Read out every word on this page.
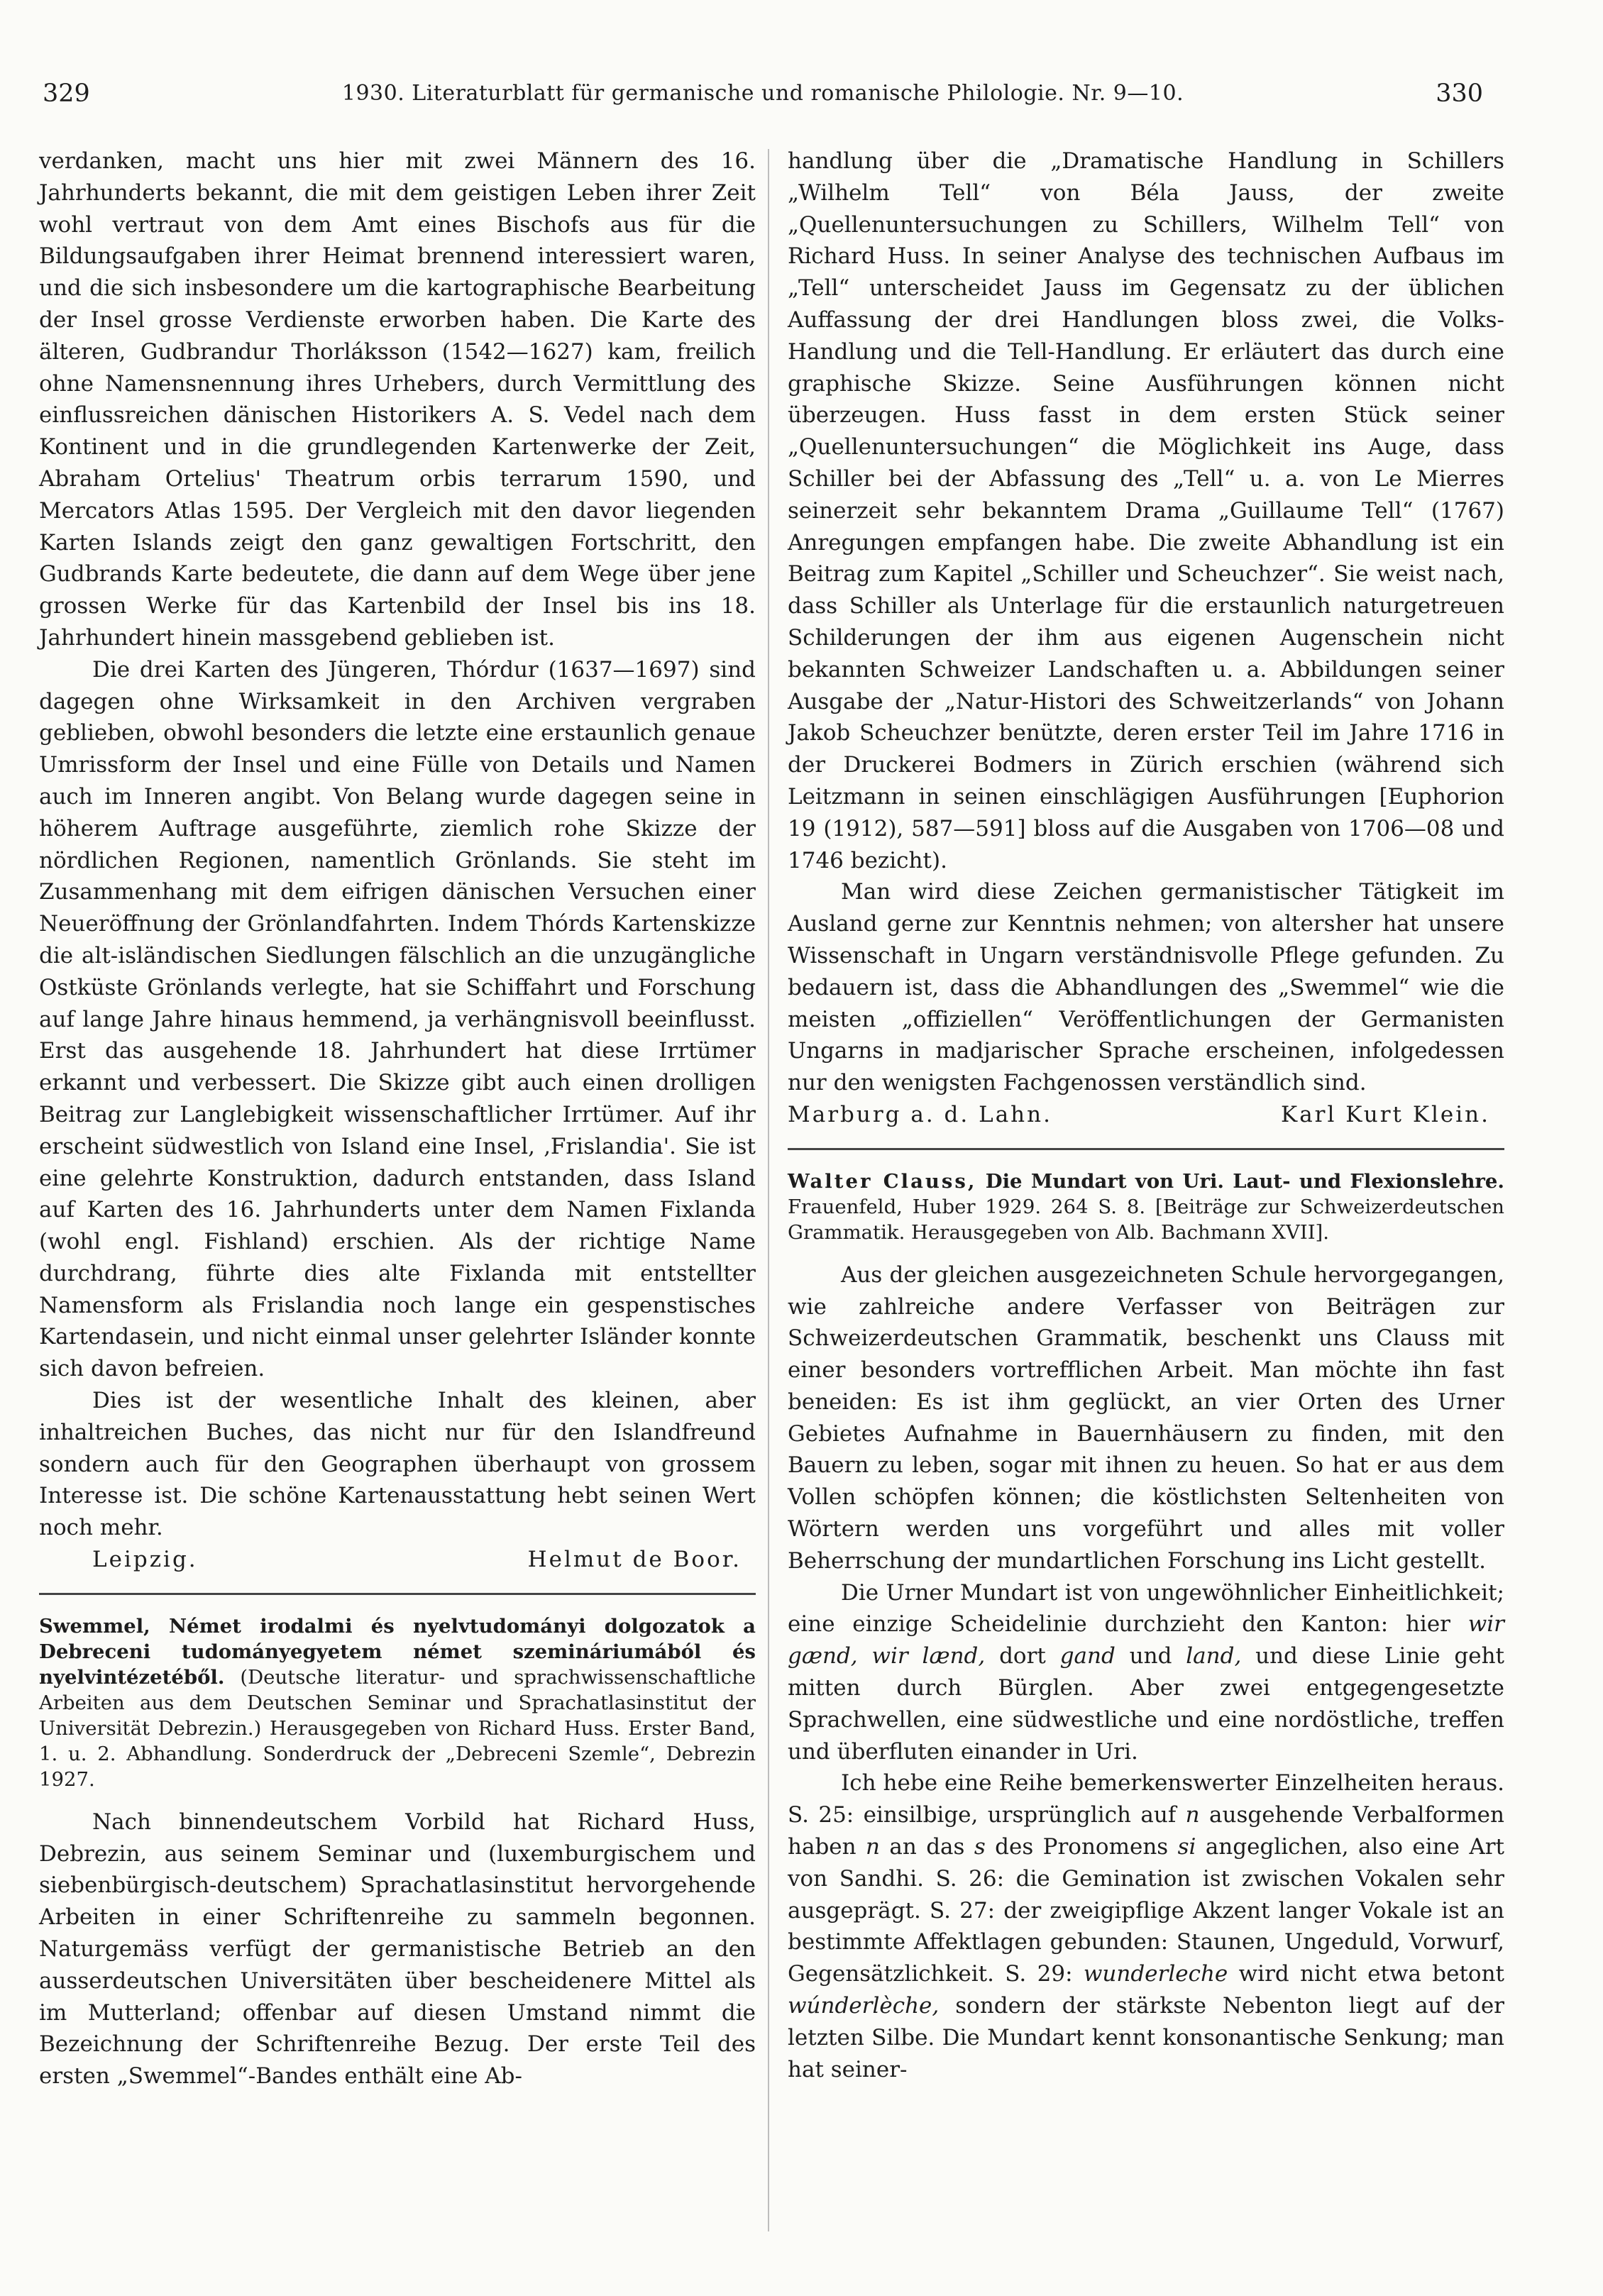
329	1930. Literaturblatt für germanische und romanische Philologie. Nr. 9—10.	330

verdanken, macht uns hier mit zwei Männern des 16. Jahrhunderts bekannt, die mit dem geistigen Leben ihrer Zeit wohl vertraut von dem Amt eines Bischofs aus für die Bildungsaufgaben ihrer Heimat brennend interessiert waren, und die sich insbesondere um die kartographische Bearbeitung der Insel grosse Verdienste erworben haben. Die Karte des älteren, Gudbrandur Thorláksson (1542—1627) kam, freilich ohne Namensnennung ihres Urhebers, durch Vermittlung des einflussreichen dänischen Historikers A. S. Vedel nach dem Kontinent und in die grundlegenden Kartenwerke der Zeit, Abraham Ortelius' Theatrum orbis terrarum 1590, und Mercators Atlas 1595. Der Vergleich mit den davor liegenden Karten Islands zeigt den ganz gewaltigen Fortschritt, den Gudbrands Karte bedeutete, die dann auf dem Wege über jene grossen Werke für das Kartenbild der Insel bis ins 18. Jahrhundert hinein massgebend geblieben ist.

Die drei Karten des Jüngeren, Thórdur (1637—1697) sind dagegen ohne Wirksamkeit in den Archiven vergraben geblieben, obwohl besonders die letzte eine erstaunlich genaue Umrissform der Insel und eine Fülle von Details und Namen auch im Inneren angibt. Von Belang wurde dagegen seine in höherem Auftrage ausgeführte, ziemlich rohe Skizze der nördlichen Regionen, namentlich Grönlands. Sie steht im Zusammenhang mit dem eifrigen dänischen Versuchen einer Neueröffnung der Grönlandfahrten. Indem Thórds Kartenskizze die alt-isländischen Siedlungen fälschlich an die unzugängliche Ostküste Grönlands verlegte, hat sie Schiffahrt und Forschung auf lange Jahre hinaus hemmend, ja verhängnisvoll beeinflusst. Erst das ausgehende 18. Jahrhundert hat diese Irrtümer erkannt und verbessert. Die Skizze gibt auch einen drolligen Beitrag zur Langlebigkeit wissenschaftlicher Irrtümer. Auf ihr erscheint südwestlich von Island eine Insel, ‚Frislandia'. Sie ist eine gelehrte Konstruktion, dadurch entstanden, dass Island auf Karten des 16. Jahrhunderts unter dem Namen Fixlanda (wohl engl. Fishland) erschien. Als der richtige Name durchdrang, führte dies alte Fixlanda mit entstellter Namensform als Frislandia noch lange ein gespenstisches Kartendasein, und nicht einmal unser gelehrter Isländer konnte sich davon befreien.

Dies ist der wesentliche Inhalt des kleinen, aber inhaltreichen Buches, das nicht nur für den Islandfreund sondern auch für den Geographen überhaupt von grossem Interesse ist. Die schöne Kartenausstattung hebt seinen Wert noch mehr.

Leipzig.	Helmut de Boor.
Swemmel, Német irodalmi és nyelvtudományi dolgozatok a Debreceni tudományegyetem német szemináriumából és nyelvintézetéből. (Deutsche literatur- und sprachwissenschaftliche Arbeiten aus dem Deutschen Seminar und Sprachatlasinstitut der Universität Debrezin.) Herausgegeben von Richard Huss. Erster Band, 1. u. 2. Abhandlung. Sonderdruck der „Debreceni Szemle“, Debrezin 1927.

Nach binnendeutschem Vorbild hat Richard Huss, Debrezin, aus seinem Seminar und (luxemburgischem und siebenbürgisch-deutschem) Sprachatlasinstitut hervorgehende Arbeiten in einer Schriftenreihe zu sammeln begonnen. Naturgemäss verfügt der germanistische Betrieb an den ausserdeutschen Universitäten über bescheidenere Mittel als im Mutterland; offenbar auf diesen Umstand nimmt die Bezeichnung der Schriftenreihe Bezug. Der erste Teil des ersten „Swemmel“-Bandes enthält eine Ab-

handlung über die „Dramatische Handlung in Schillers „Wilhelm Tell“ von Béla Jauss, der zweite „Quellenuntersuchungen zu Schillers, Wilhelm Tell“ von Richard Huss. In seiner Analyse des technischen Aufbaus im „Tell“ unterscheidet Jauss im Gegensatz zu der üblichen Auffassung der drei Handlungen bloss zwei, die Volks-Handlung und die Tell-Handlung. Er erläutert das durch eine graphische Skizze. Seine Ausführungen können nicht überzeugen. Huss fasst in dem ersten Stück seiner „Quellenuntersuchungen“ die Möglichkeit ins Auge, dass Schiller bei der Abfassung des „Tell“ u. a. von Le Mierres seinerzeit sehr bekanntem Drama „Guillaume Tell“ (1767) Anregungen empfangen habe. Die zweite Abhandlung ist ein Beitrag zum Kapitel „Schiller und Scheuchzer“. Sie weist nach, dass Schiller als Unterlage für die erstaunlich naturgetreuen Schilderungen der ihm aus eigenen Augenschein nicht bekannten Schweizer Landschaften u. a. Abbildungen seiner Ausgabe der „Natur-Histori des Schweitzerlands“ von Johann Jakob Scheuchzer benützte, deren erster Teil im Jahre 1716 in der Druckerei Bodmers in Zürich erschien (während sich Leitzmann in seinen einschlägigen Ausführungen [Euphorion 19 (1912), 587—591] bloss auf die Ausgaben von 1706—08 und 1746 bezicht).

Man wird diese Zeichen germanistischer Tätigkeit im Ausland gerne zur Kenntnis nehmen; von altersher hat unsere Wissenschaft in Ungarn verständnisvolle Pflege gefunden. Zu bedauern ist, dass die Abhandlungen des „Swemmel“ wie die meisten „offiziellen“ Veröffentlichungen der Germanisten Ungarns in madjarischer Sprache erscheinen, infolgedessen nur den wenigsten Fachgenossen verständlich sind.

Marburg a. d. Lahn.	Karl Kurt Klein.
Walter Clauss, Die Mundart von Uri. Laut- und Flexionslehre. Frauenfeld, Huber 1929. 264 S. 8. [Beiträge zur Schweizerdeutschen Grammatik. Herausgegeben von Alb. Bachmann XVII].

Aus der gleichen ausgezeichneten Schule hervorgegangen, wie zahlreiche andere Verfasser von Beiträgen zur Schweizerdeutschen Grammatik, beschenkt uns Clauss mit einer besonders vortrefflichen Arbeit. Man möchte ihn fast beneiden: Es ist ihm geglückt, an vier Orten des Urner Gebietes Aufnahme in Bauernhäusern zu finden, mit den Bauern zu leben, sogar mit ihnen zu heuen. So hat er aus dem Vollen schöpfen können; die köstlichsten Seltenheiten von Wörtern werden uns vorgeführt und alles mit voller Beherrschung der mundartlichen Forschung ins Licht gestellt.

Die Urner Mundart ist von ungewöhnlicher Einheitlichkeit; eine einzige Scheidelinie durchzieht den Kanton: hier wir gænd, wir lænd, dort gand und land, und diese Linie geht mitten durch Bürglen. Aber zwei entgegengesetzte Sprachwellen, eine südwestliche und eine nordöstliche, treffen und überfluten einander in Uri.

Ich hebe eine Reihe bemerkenswerter Einzelheiten heraus. S. 25: einsilbige, ursprünglich auf n ausgehende Verbalformen haben n an das s des Pronomens si angeglichen, also eine Art von Sandhi. S. 26: die Gemination ist zwischen Vokalen sehr ausgeprägt. S. 27: der zweigipflige Akzent langer Vokale ist an bestimmte Affektlagen gebunden: Staunen, Ungeduld, Vorwurf, Gegensätzlichkeit. S. 29: wunderleche wird nicht etwa betont wúnderlèche, sondern der stärkste Nebenton liegt auf der letzten Silbe. Die Mundart kennt konsonantische Senkung; man hat seiner-
